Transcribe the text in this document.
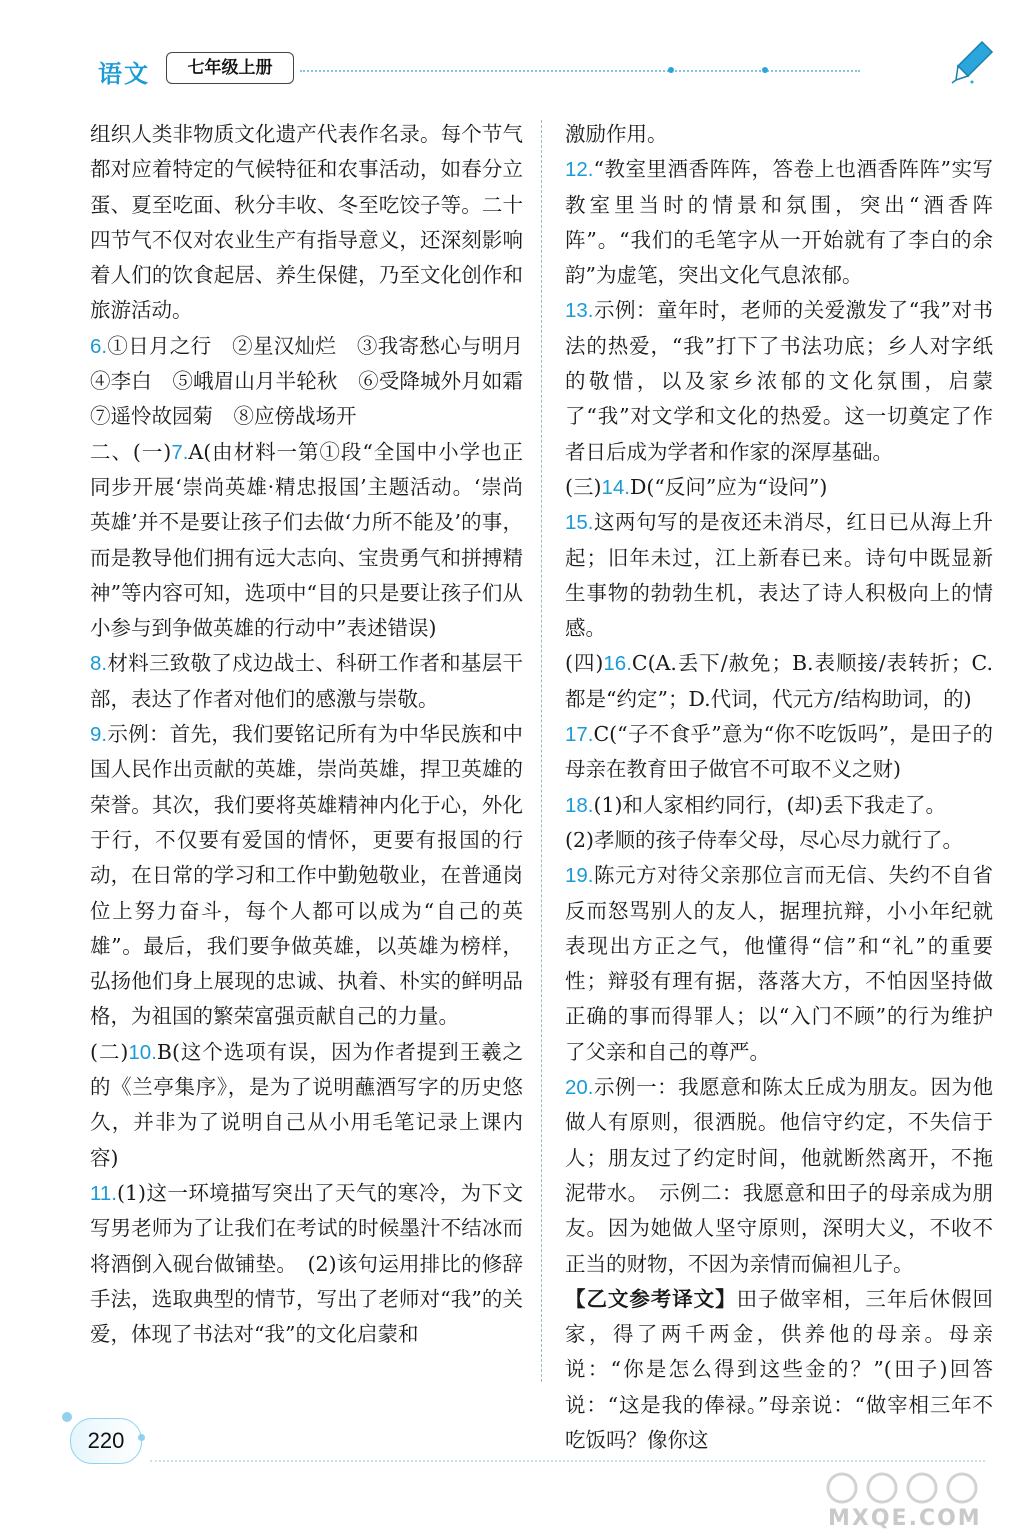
语文	七年级上册

组织人类非物质文化遗产代表作名录。每个节气都对应着特定的气候特征和农事活动，如春分立蛋、夏至吃面、秋分丰收、冬至吃饺子等。二十四节气不仅对农业生产有指导意义，还深刻影响着人们的饮食起居、养生保健，乃至文化创作和旅游活动。

6.①日月之行　②星汉灿烂　③我寄愁心与明月　④李白　⑤峨眉山月半轮秋　⑥受降城外月如霜　⑦遥怜故园菊　⑧应傍战场开

二、(一)7.A(由材料一第①段“全国中小学也正同步开展‘崇尚英雄·精忠报国’主题活动。‘崇尚英雄’并不是要让孩子们去做‘力所不能及’的事，而是教导他们拥有远大志向、宝贵勇气和拼搏精神”等内容可知，选项中“目的只是要让孩子们从小参与到争做英雄的行动中”表述错误)

8.材料三致敬了戍边战士、科研工作者和基层干部，表达了作者对他们的感激与崇敬。

9.示例：首先，我们要铭记所有为中华民族和中国人民作出贡献的英雄，崇尚英雄，捍卫英雄的荣誉。其次，我们要将英雄精神内化于心，外化于行，不仅要有爱国的情怀，更要有报国的行动，在日常的学习和工作中勤勉敬业，在普通岗位上努力奋斗，每个人都可以成为“自己的英雄”。最后，我们要争做英雄，以英雄为榜样，弘扬他们身上展现的忠诚、执着、朴实的鲜明品格，为祖国的繁荣富强贡献自己的力量。

(二)10.B(这个选项有误，因为作者提到王羲之的《兰亭集序》，是为了说明蘸酒写字的历史悠久，并非为了说明自己从小用毛笔记录上课内容)

11.(1)这一环境描写突出了天气的寒冷，为下文写男老师为了让我们在考试的时候墨汁不结冰而将酒倒入砚台做铺垫。　(2)该句运用排比的修辞手法，选取典型的情节，写出了老师对“我”的关爱，体现了书法对“我”的文化启蒙和

激励作用。

12.“教室里酒香阵阵，答卷上也酒香阵阵”实写教室里当时的情景和氛围，突出“酒香阵阵”。“我们的毛笔字从一开始就有了李白的余韵”为虚笔，突出文化气息浓郁。

13.示例：童年时，老师的关爱激发了“我”对书法的热爱，“我”打下了书法功底；乡人对字纸的敬惜，以及家乡浓郁的文化氛围，启蒙了“我”对文学和文化的热爱。这一切奠定了作者日后成为学者和作家的深厚基础。

(三)14.D(“反问”应为“设问”)

15.这两句写的是夜还未消尽，红日已从海上升起；旧年未过，江上新春已来。诗句中既显新生事物的勃勃生机，表达了诗人积极向上的情感。

(四)16.C(A.丢下/赦免；B.表顺接/表转折；C.都是“约定”；D.代词，代元方/结构助词，的)

17.C(“子不食乎”意为“你不吃饭吗”，是田子的母亲在教育田子做官不可取不义之财)

18.(1)和人家相约同行，(却)丢下我走了。

(2)孝顺的孩子侍奉父母，尽心尽力就行了。

19.陈元方对待父亲那位言而无信、失约不自省反而怒骂别人的友人，据理抗辩，小小年纪就表现出方正之气，他懂得“信”和“礼”的重要性；辩驳有理有据，落落大方，不怕因坚持做正确的事而得罪人；以“入门不顾”的行为维护了父亲和自己的尊严。

20.示例一：我愿意和陈太丘成为朋友。因为他做人有原则，很洒脱。他信守约定，不失信于人；朋友过了约定时间，他就断然离开，不拖泥带水。　示例二：我愿意和田子的母亲成为朋友。因为她做人坚守原则，深明大义，不收不正当的财物，不因为亲情而偏袒儿子。

【乙文参考译文】田子做宰相，三年后休假回家，得了两千两金，供养他的母亲。母亲说：“你是怎么得到这些金的？”(田子)回答说：“这是我的俸禄。”母亲说：“做宰相三年不吃饭吗？像你这

220
MXQE.COM
